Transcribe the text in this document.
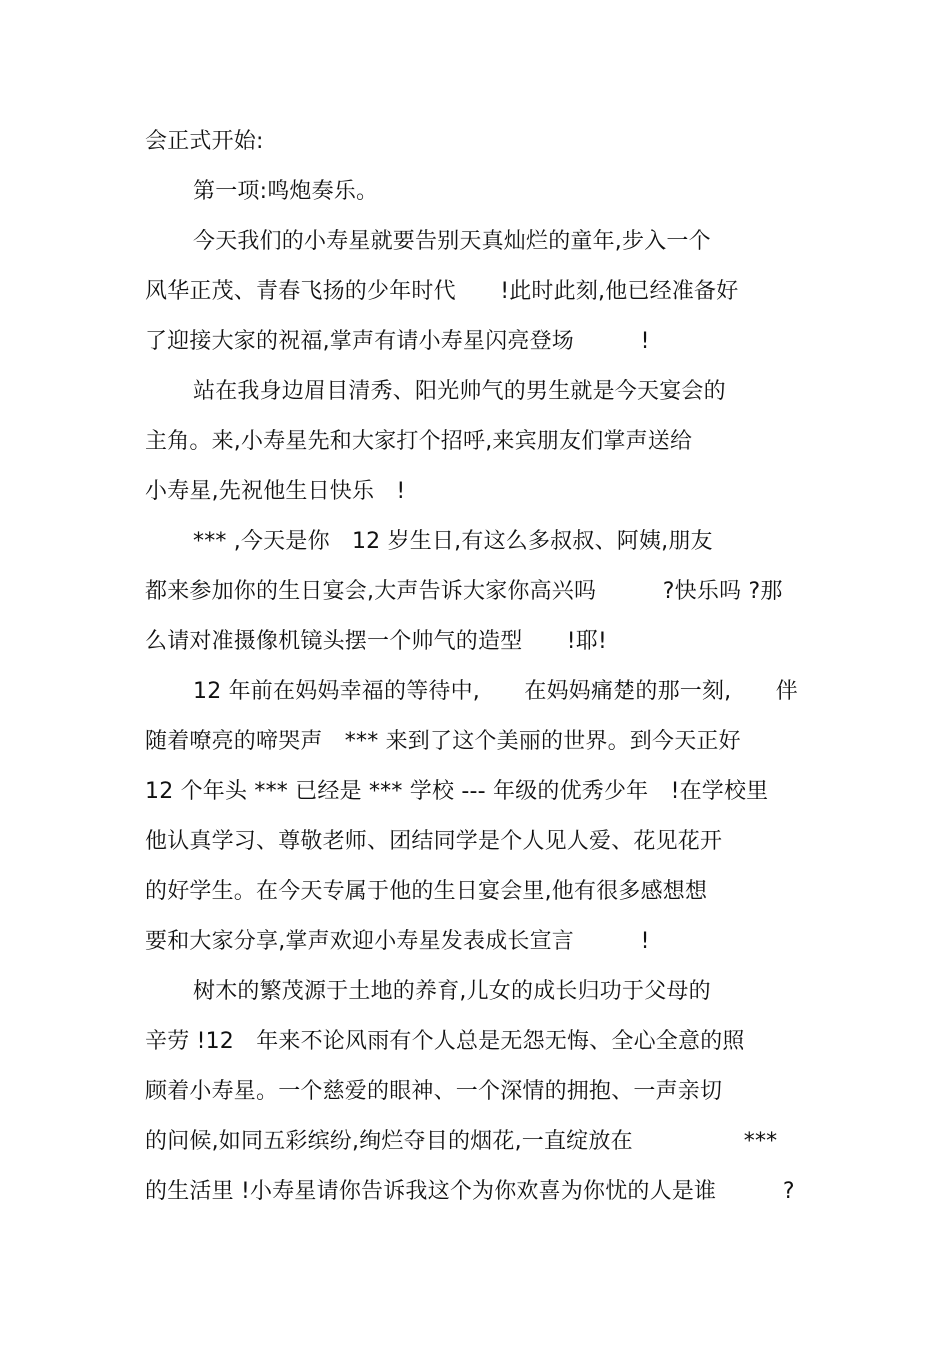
会正式开始:
第一项:鸣炮奏乐。
今天我们的小寿星就要告别天真灿烂的童年,步入一个
风华正茂、青春飞扬的少年时代　　!此时此刻,他已经准备好
了迎接大家的祝福,掌声有请小寿星闪亮登场　　　!
站在我身边眉目清秀、阳光帅气的男生就是今天宴会的
主角。来,小寿星先和大家打个招呼,来宾朋友们掌声送给
小寿星,先祝他生日快乐　!
*** ,今天是你　12 岁生日,有这么多叔叔、阿姨,朋友
都来参加你的生日宴会,大声告诉大家你高兴吗　　　?快乐吗 ?那
么请对准摄像机镜头摆一个帅气的造型　　!耶!
12 年前在妈妈幸福的等待中,　　在妈妈痛楚的那一刻,　　伴
随着嘹亮的啼哭声　*** 来到了这个美丽的世界。到今天正好
12 个年头 *** 已经是 *** 学校 --- 年级的优秀少年　!在学校里
他认真学习、尊敬老师、团结同学是个人见人爱、花见花开
的好学生。在今天专属于他的生日宴会里,他有很多感想想
要和大家分享,掌声欢迎小寿星发表成长宣言　　　!
树木的繁茂源于土地的养育,儿女的成长归功于父母的
辛劳 !12　年来不论风雨有个人总是无怨无悔、全心全意的照
顾着小寿星。一个慈爱的眼神、一个深情的拥抱、一声亲切
的问候,如同五彩缤纷,绚烂夺目的烟花,一直绽放在　　　　　***
的生活里 !小寿星请你告诉我这个为你欢喜为你忧的人是谁　　　?
